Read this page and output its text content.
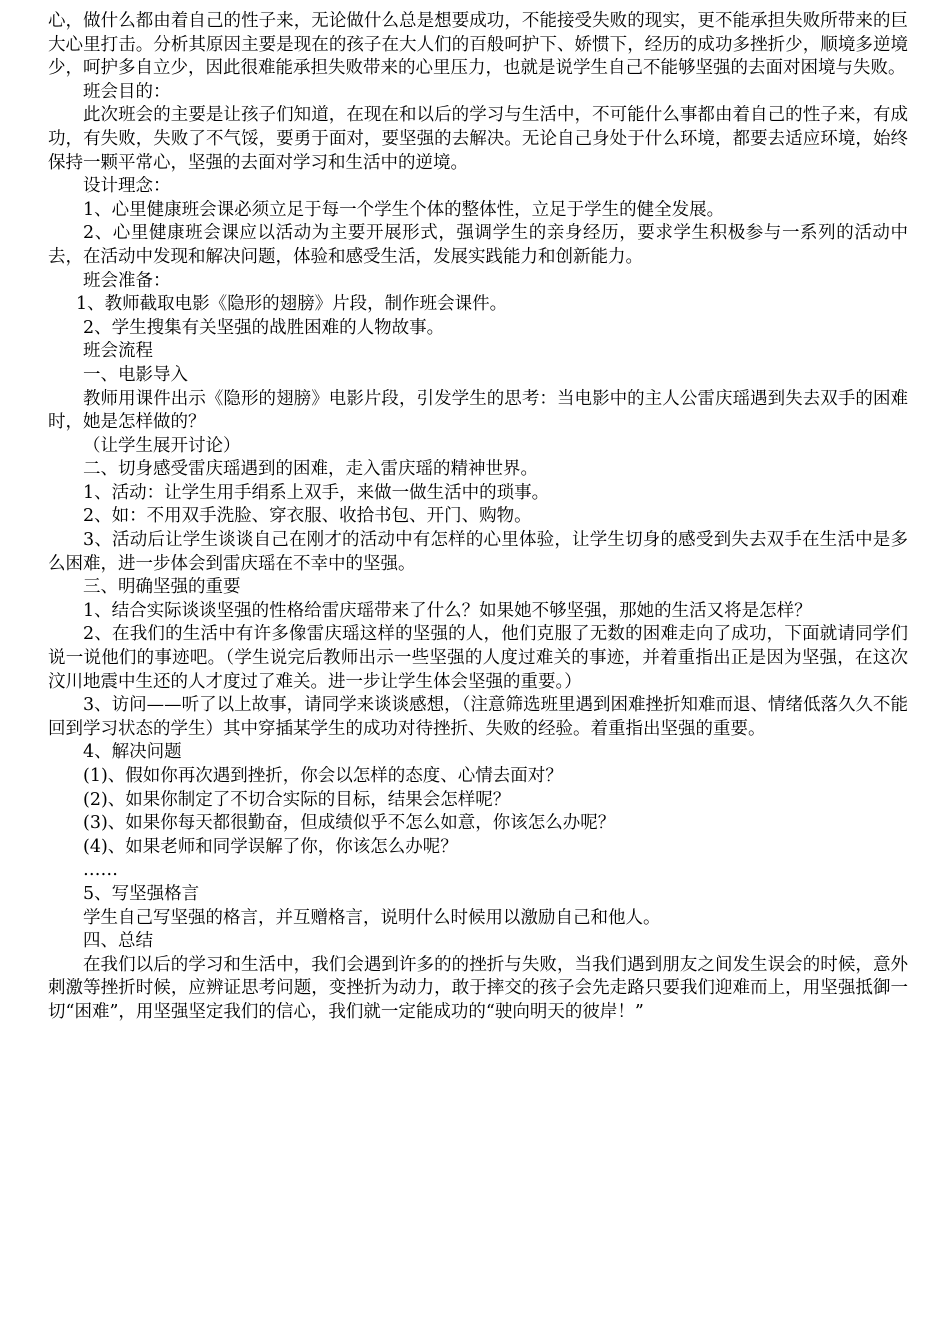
心，做什么都由着自己的性子来，无论做什么总是想要成功，不能接受失败的现实，更不能承担失败所带来的巨大心里打击。分析其原因主要是现在的孩子在大人们的百般呵护下、娇惯下，经历的成功多挫折少，顺境多逆境少，呵护多自立少，因此很难能承担失败带来的心里压力，也就是说学生自己不能够坚强的去面对困境与失败。

班会目的：

此次班会的主要是让孩子们知道，在现在和以后的学习与生活中，不可能什么事都由着自己的性子来，有成功，有失败，失败了不气馁，要勇于面对，要坚强的去解决。无论自己身处于什么环境，都要去适应环境，始终保持一颗平常心，坚强的去面对学习和生活中的逆境。

设计理念：

1、心里健康班会课必须立足于每一个学生个体的整体性，立足于学生的健全发展。

2、心里健康班会课应以活动为主要开展形式，强调学生的亲身经历，要求学生积极参与一系列的活动中去，在活动中发现和解决问题，体验和感受生活，发展实践能力和创新能力。

班会准备：

1、教师截取电影《隐形的翅膀》片段，制作班会课件。

2、学生搜集有关坚强的战胜困难的人物故事。

班会流程

一、电影导入

教师用课件出示《隐形的翅膀》电影片段，引发学生的思考：当电影中的主人公雷庆瑶遇到失去双手的困难时，她是怎样做的？

（让学生展开讨论）

二、切身感受雷庆瑶遇到的困难，走入雷庆瑶的精神世界。

1、活动：让学生用手绢系上双手，来做一做生活中的琐事。

2、如：不用双手洗脸、穿衣服、收拾书包、开门、购物。

3、活动后让学生谈谈自己在刚才的活动中有怎样的心里体验，让学生切身的感受到失去双手在生活中是多么困难，进一步体会到雷庆瑶在不幸中的坚强。

三、明确坚强的重要

1、结合实际谈谈坚强的性格给雷庆瑶带来了什么？如果她不够坚强，那她的生活又将是怎样？

2、在我们的生活中有许多像雷庆瑶这样的坚强的人，他们克服了无数的困难走向了成功，下面就请同学们说一说他们的事迹吧。（学生说完后教师出示一些坚强的人度过难关的事迹，并着重指出正是因为坚强，在这次汶川地震中生还的人才度过了难关。进一步让学生体会坚强的重要。）

3、访问——听了以上故事，请同学来谈谈感想，（注意筛选班里遇到困难挫折知难而退、情绪低落久久不能回到学习状态的学生）其中穿插某学生的成功对待挫折、失败的经验。着重指出坚强的重要。

4、解决问题

(1)、假如你再次遇到挫折，你会以怎样的态度、心情去面对？

(2)、如果你制定了不切合实际的目标，结果会怎样呢？

(3)、如果你每天都很勤奋，但成绩似乎不怎么如意，你该怎么办呢？

(4)、如果老师和同学误解了你，你该怎么办呢？

……

5、写坚强格言

学生自己写坚强的格言，并互赠格言，说明什么时候用以激励自己和他人。

四、总结

在我们以后的学习和生活中，我们会遇到许多的的挫折与失败，当我们遇到朋友之间发生误会的时候，意外刺激等挫折时候，应辨证思考问题，变挫折为动力，敢于摔交的孩子会先走路只要我们迎难而上，用坚强抵御一切“困难”，用坚强坚定我们的信心，我们就一定能成功的“驶向明天的彼岸！”
